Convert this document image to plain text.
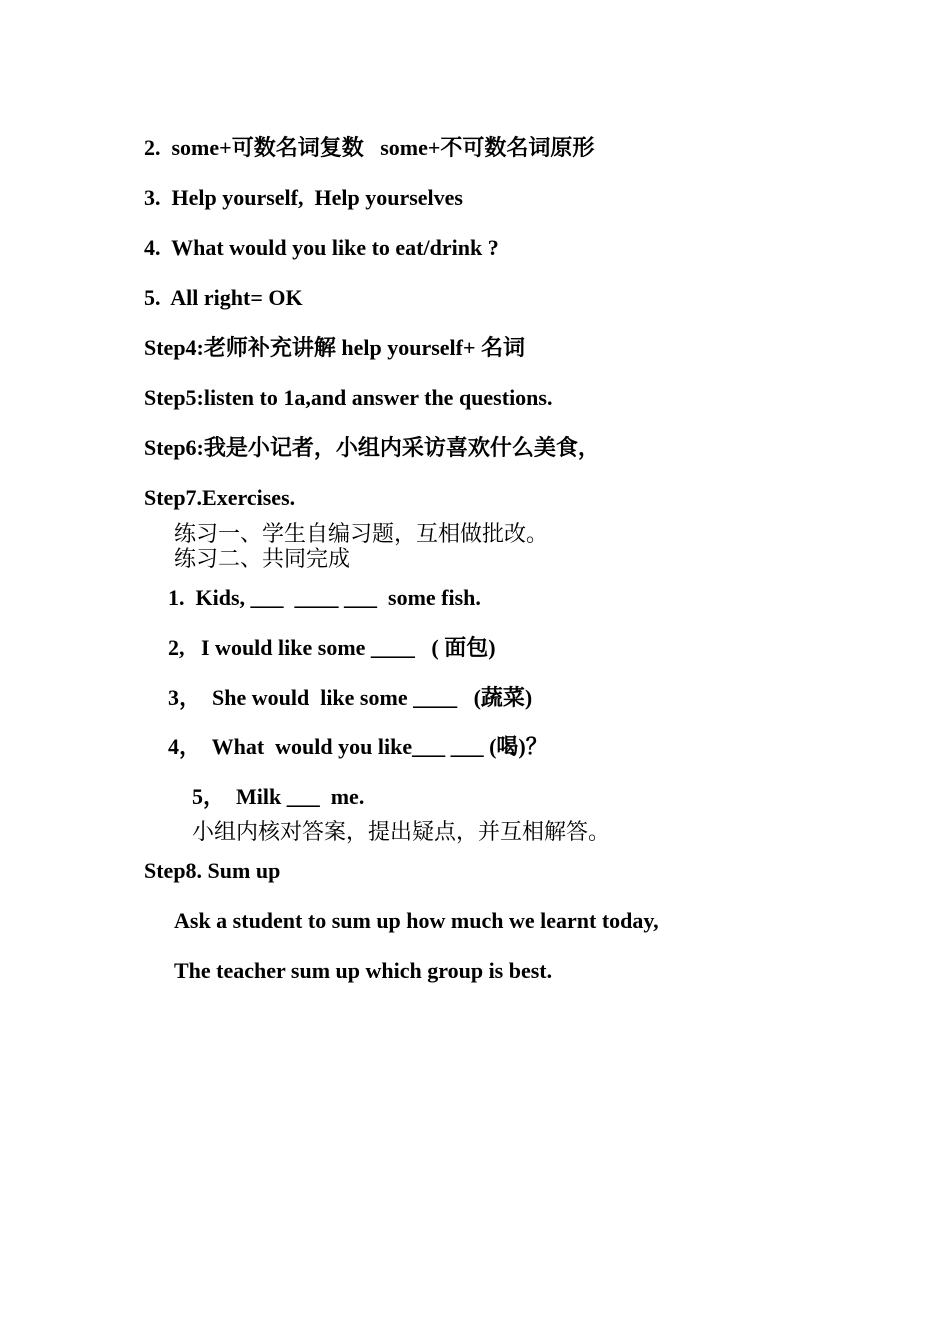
2.  some+可数名词复数   some+不可数名词原形
3.  Help yourself,  Help yourselves
4.  What would you like to eat/drink ?
5.  All right= OK
Step4:老师补充讲解 help yourself+ 名词
Step5:listen to 1a,and answer the questions.
Step6:我是小记者，小组内采访喜欢什么美食，
Step7.Exercises.
练习一、学生自编习题，互相做批改。
练习二、共同完成
1.  Kids, ___  ____ ___  some fish.
2,   I would like some ____   ( 面包)
3，  She would  like some ____   (蔬菜)
4，  What  would you like___ ___ (喝)？
5，  Milk ___  me.
小组内核对答案，提出疑点，并互相解答。
Step8. Sum up
Ask a student to sum up how much we learnt today,
The teacher sum up which group is best.
